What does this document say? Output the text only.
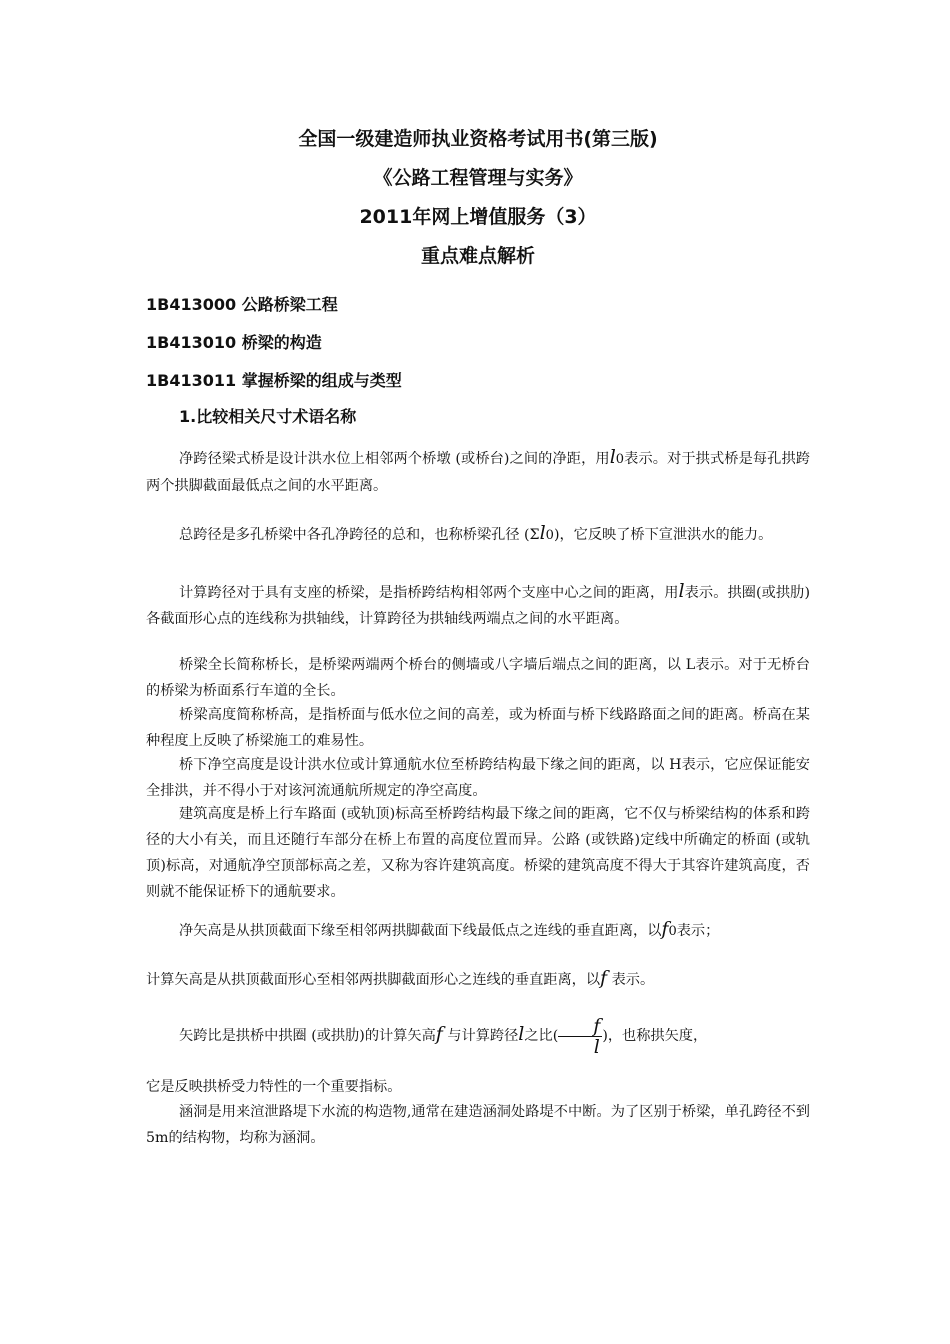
全国一级建造师执业资格考试用书(第三版)
《公路工程管理与实务》
2011年网上增值服务（3）
重点难点解析
1B413000 公路桥梁工程
1B413010 桥梁的构造
1B413011 掌握桥梁的组成与类型
1.比较相关尺寸术语名称
净跨径梁式桥是设计洪水位上相邻两个桥墩 (或桥台)之间的净距，用l0表示。对于拱式桥是每孔拱跨两个拱脚截面最低点之间的水平距离。
总跨径是多孔桥梁中各孔净跨径的总和，也称桥梁孔径 (Σl0)，它反映了桥下宣泄洪水的能力。
计算跨径对于具有支座的桥梁，是指桥跨结构相邻两个支座中心之间的距离，用l表示。拱圈(或拱肋)各截面形心点的连线称为拱轴线，计算跨径为拱轴线两端点之间的水平距离。
桥梁全长简称桥长，是桥梁两端两个桥台的侧墙或八字墙后端点之间的距离，以 L表示。对于无桥台的桥梁为桥面系行车道的全长。
桥梁高度简称桥高，是指桥面与低水位之间的高差，或为桥面与桥下线路路面之间的距离。桥高在某种程度上反映了桥梁施工的难易性。
桥下净空高度是设计洪水位或计算通航水位至桥跨结构最下缘之间的距离，以 H表示，它应保证能安全排洪，并不得小于对该河流通航所规定的净空高度。
建筑高度是桥上行车路面 (或轨顶)标高至桥跨结构最下缘之间的距离，它不仅与桥梁结构的体系和跨径的大小有关，而且还随行车部分在桥上布置的高度位置而异。公路 (或铁路)定线中所确定的桥面 (或轨顶)标高，对通航净空顶部标高之差，又称为容许建筑高度。桥梁的建筑高度不得大于其容许建筑高度，否则就不能保证桥下的通航要求。
净矢高是从拱顶截面下缘至相邻两拱脚截面下线最低点之连线的垂直距离，以f0表示；
计算矢高是从拱顶截面形心至相邻两拱脚截面形心之连线的垂直距离，以f 表示。
矢跨比是拱桥中拱圈 (或拱肋)的计算矢高f 与计算跨径l之比( $\frac{f}{l}$ )，也称拱矢度，
它是反映拱桥受力特性的一个重要指标。
涵洞是用来渲泄路堤下水流的构造物,通常在建造涵洞处路堤不中断。为了区别于桥梁，单孔跨径不到5m的结构物，均称为涵洞。
